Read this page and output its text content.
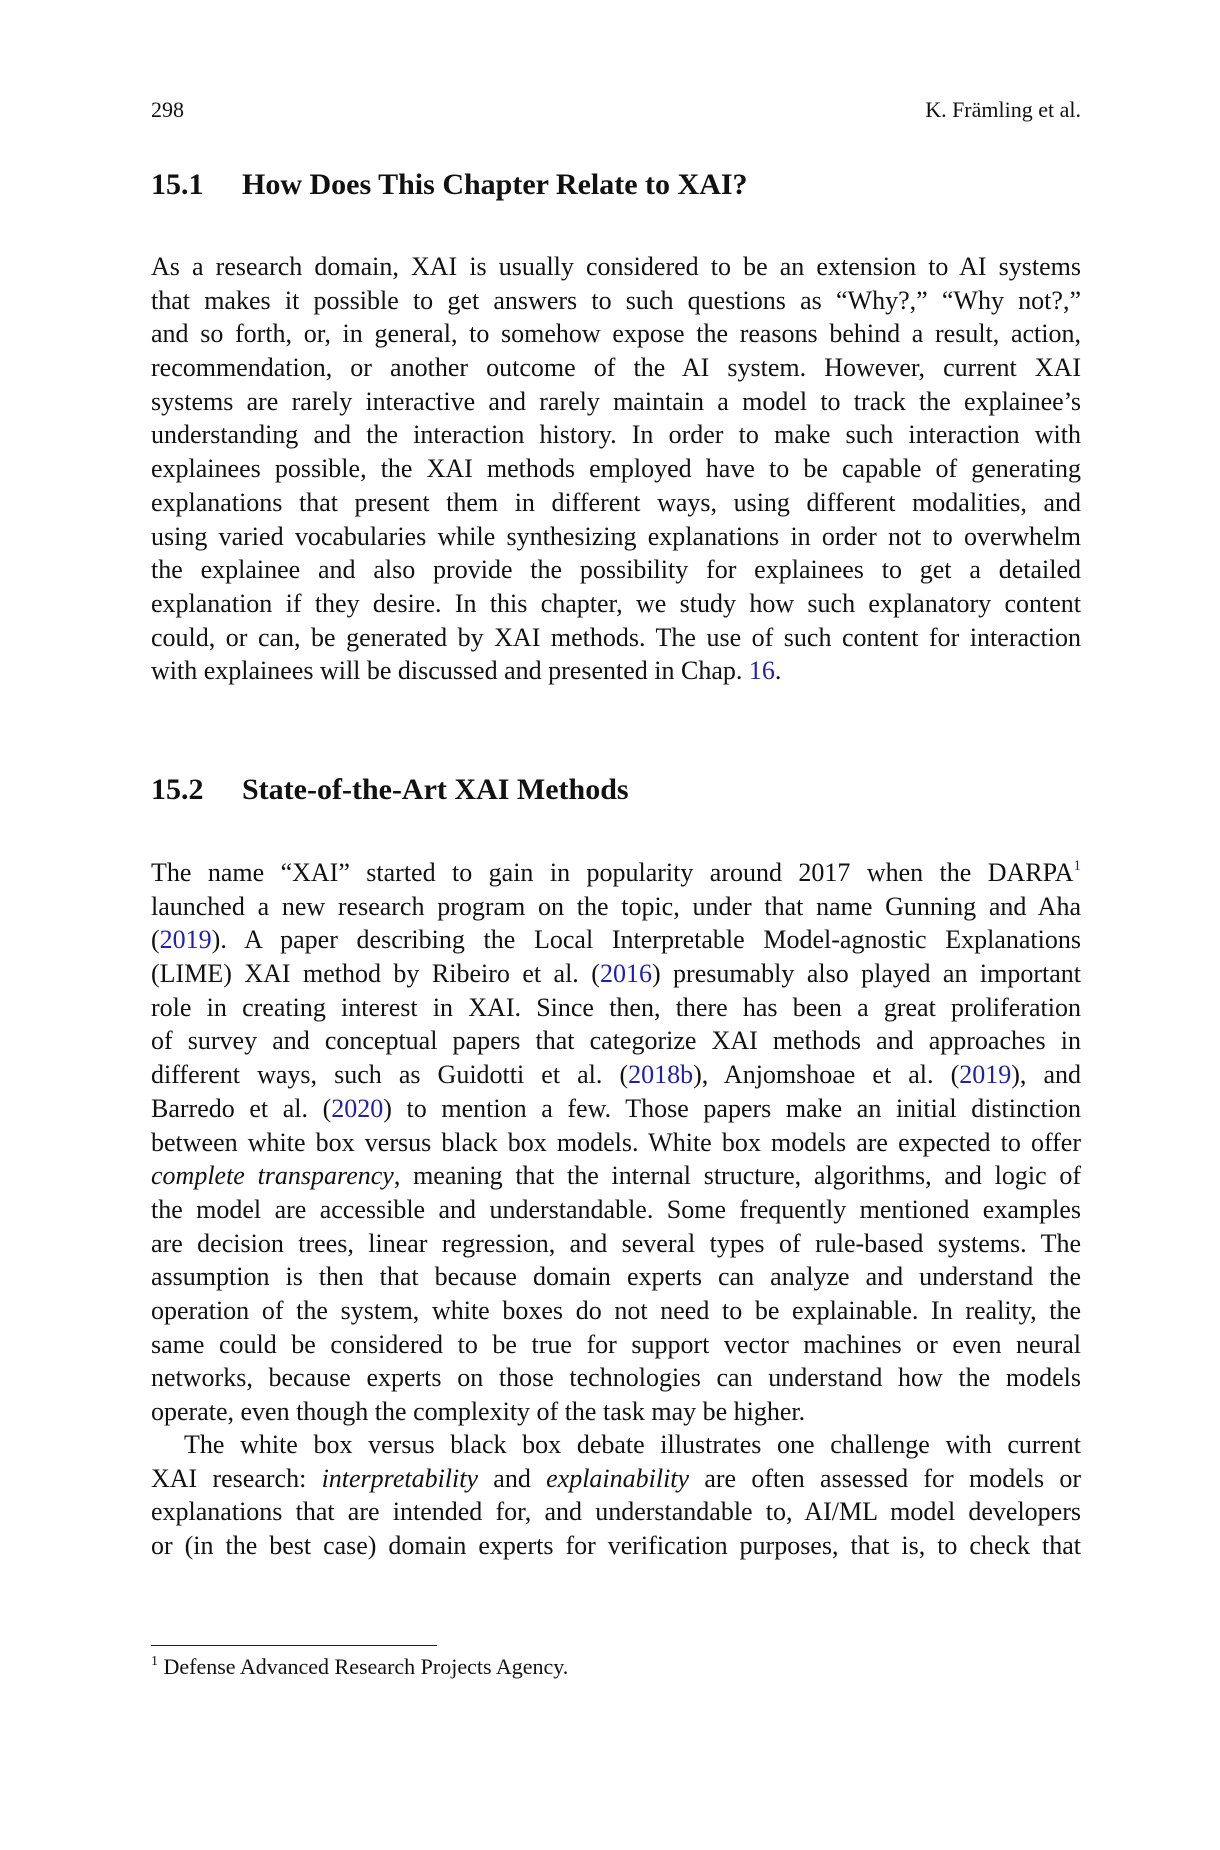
298	K. Främling et al.
15.1 How Does This Chapter Relate to XAI?
As a research domain, XAI is usually considered to be an extension to AI systems
that makes it possible to get answers to such questions as “Why?,” “Why not?,”
and so forth, or, in general, to somehow expose the reasons behind a result, action,
recommendation, or another outcome of the AI system. However, current XAI
systems are rarely interactive and rarely maintain a model to track the explainee’s
understanding and the interaction history. In order to make such interaction with
explainees possible, the XAI methods employed have to be capable of generating
explanations that present them in different ways, using different modalities, and
using varied vocabularies while synthesizing explanations in order not to overwhelm
the explainee and also provide the possibility for explainees to get a detailed
explanation if they desire. In this chapter, we study how such explanatory content
could, or can, be generated by XAI methods. The use of such content for interaction
with explainees will be discussed and presented in Chap. 16.
15.2 State-of-the-Art XAI Methods
The name “XAI” started to gain in popularity around 2017 when the DARPA$^1$
launched a new research program on the topic, under that name Gunning and Aha
(2019). A paper describing the Local Interpretable Model-agnostic Explanations
(LIME) XAI method by Ribeiro et al. (2016) presumably also played an important
role in creating interest in XAI. Since then, there has been a great proliferation
of survey and conceptual papers that categorize XAI methods and approaches in
different ways, such as Guidotti et al. (2018b), Anjomshoae et al. (2019), and
Barredo et al. (2020) to mention a few. Those papers make an initial distinction
between white box versus black box models. White box models are expected to offer
complete transparency, meaning that the internal structure, algorithms, and logic of
the model are accessible and understandable. Some frequently mentioned examples
are decision trees, linear regression, and several types of rule-based systems. The
assumption is then that because domain experts can analyze and understand the
operation of the system, white boxes do not need to be explainable. In reality, the
same could be considered to be true for support vector machines or even neural
networks, because experts on those technologies can understand how the models
operate, even though the complexity of the task may be higher.
The white box versus black box debate illustrates one challenge with current
XAI research: interpretability and explainability are often assessed for models or
explanations that are intended for, and understandable to, AI/ML model developers
or (in the best case) domain experts for verification purposes, that is, to check that
$^1$ Defense Advanced Research Projects Agency.
